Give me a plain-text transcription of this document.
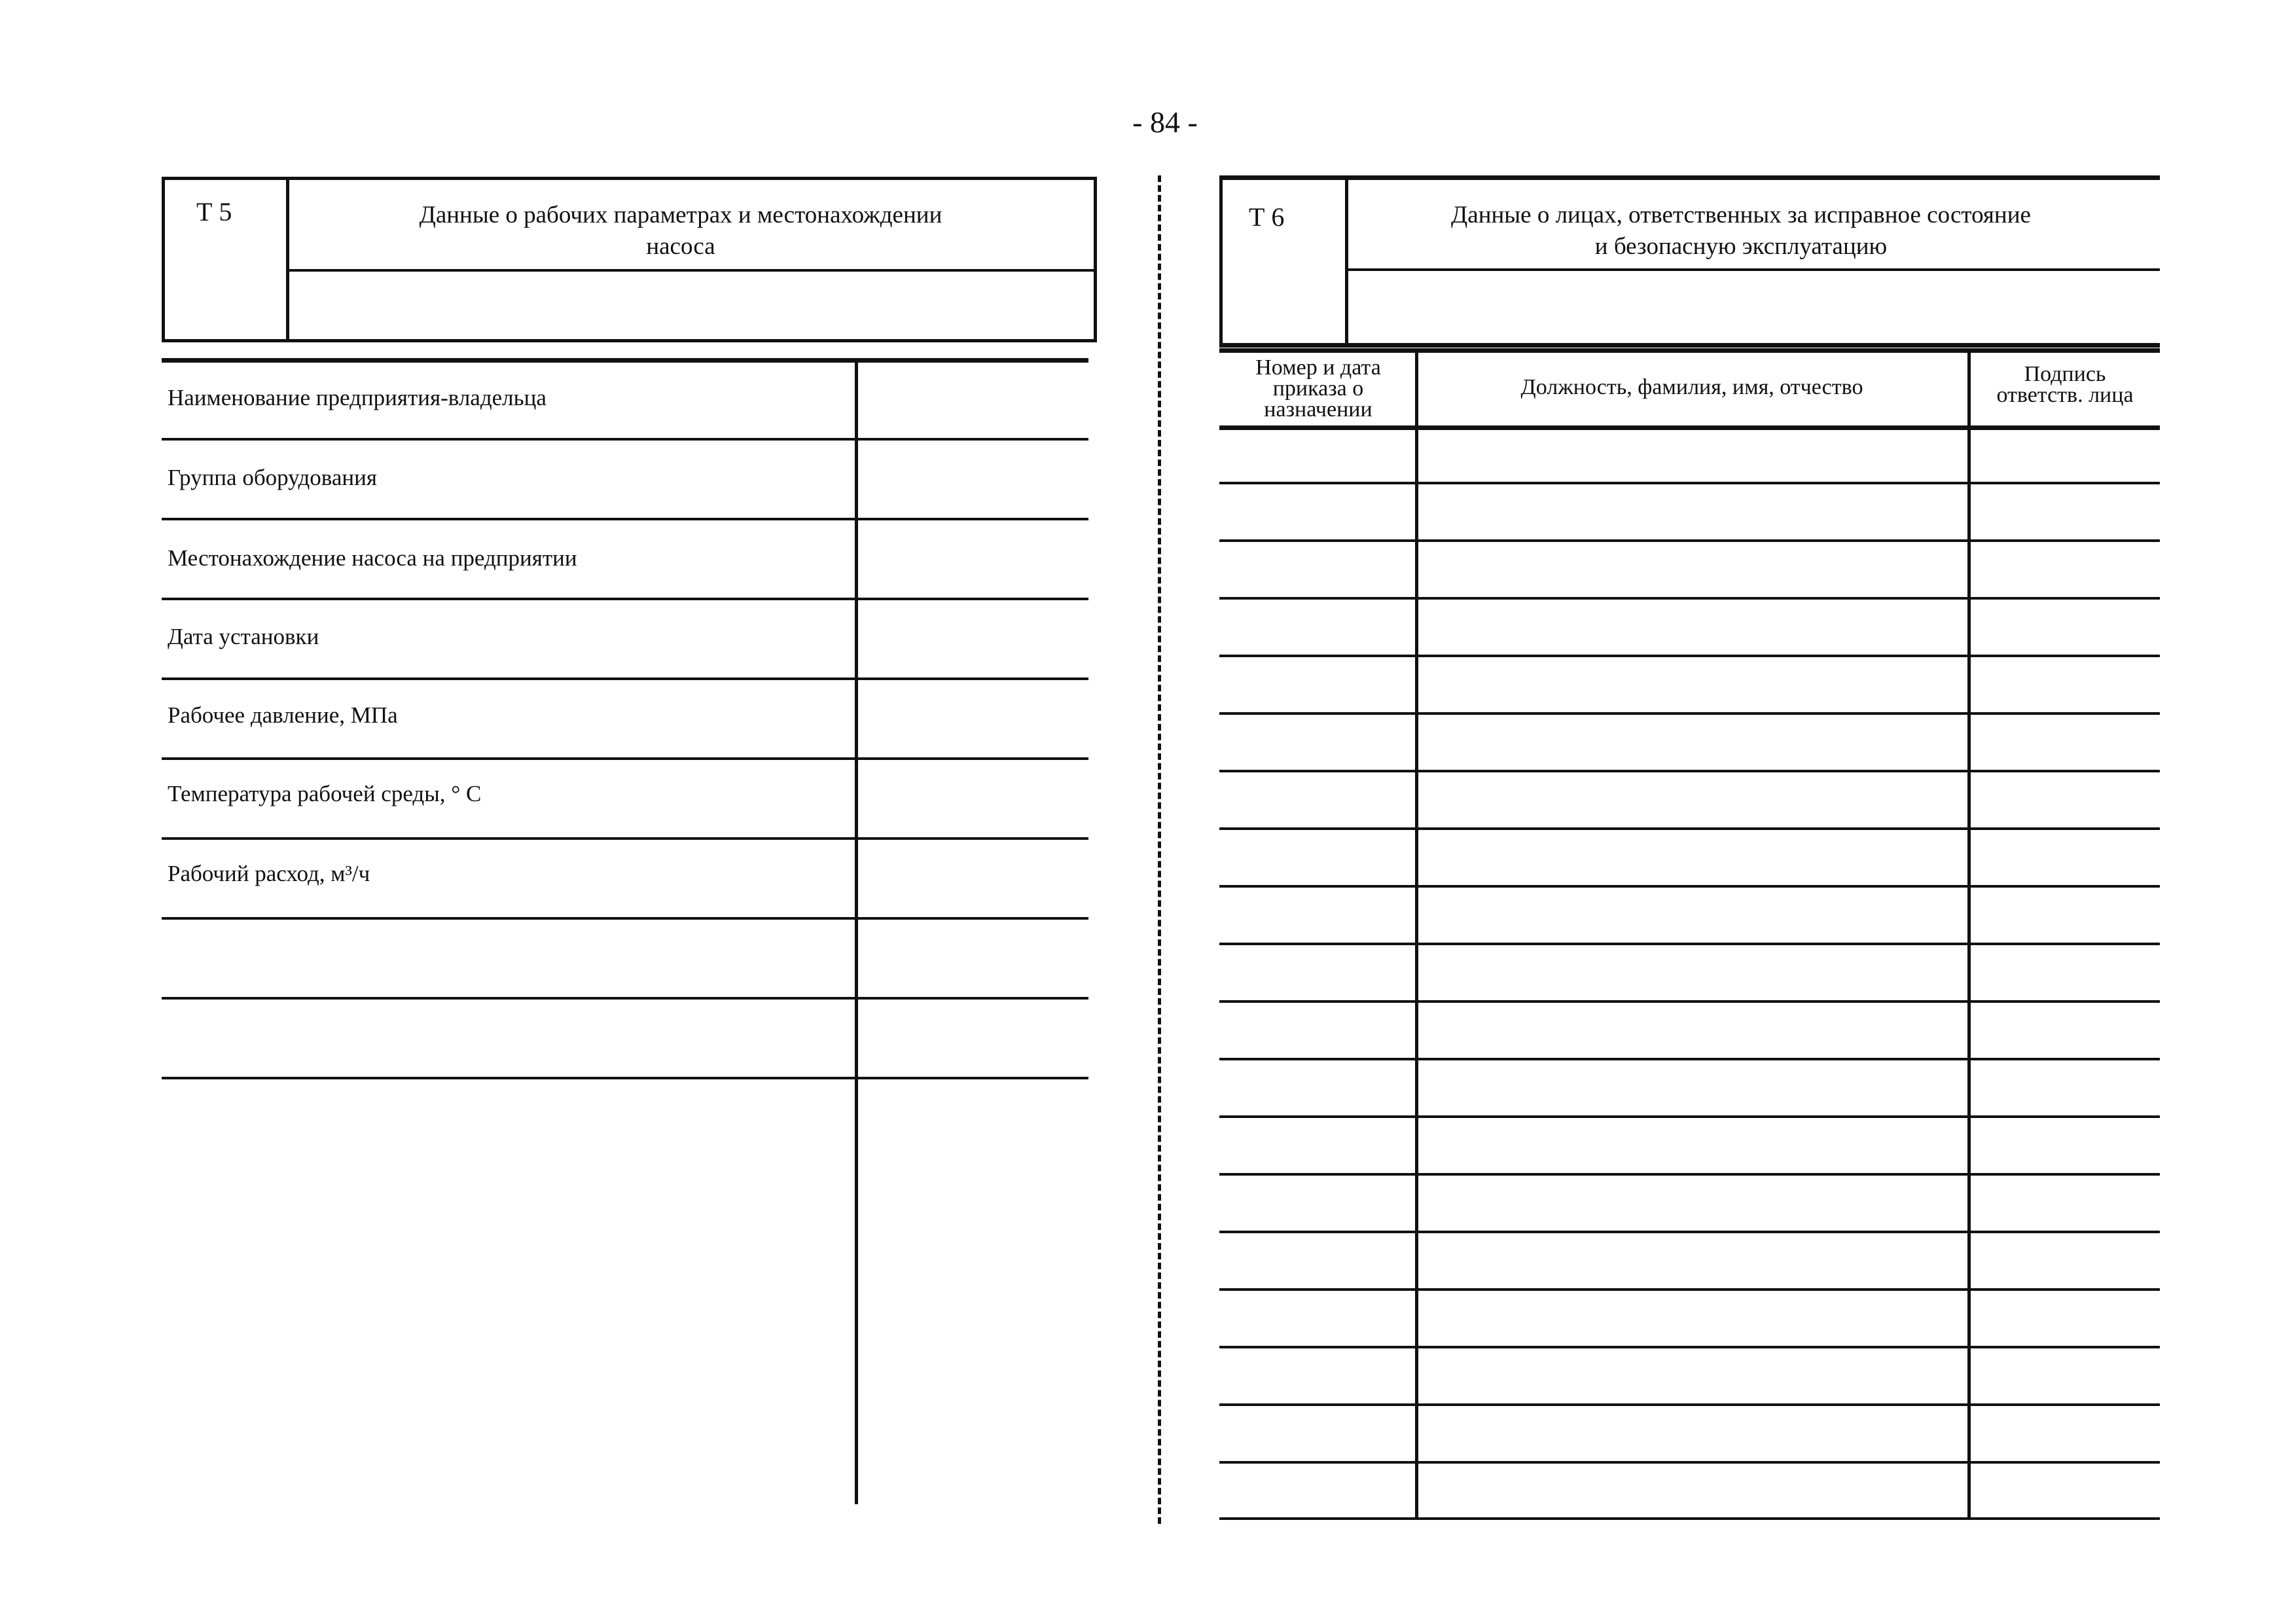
- 84 -
Т 5	Данные о рабочих параметрах и местонахождении
насоса
Наименование предприятия-владельца
Группа оборудования
Местонахождение насоса на предприятии
Дата установки
Рабочее давление, МПа
Температура рабочей среды, ° С
Рабочий расход, м³/ч
Т 6	Данные о лицах, ответственных за исправное состояние
и безопасную эксплуатацию
Номер и дата
приказа о
назначении
Должность, фамилия, имя, отчество
Подпись
ответств. лица
